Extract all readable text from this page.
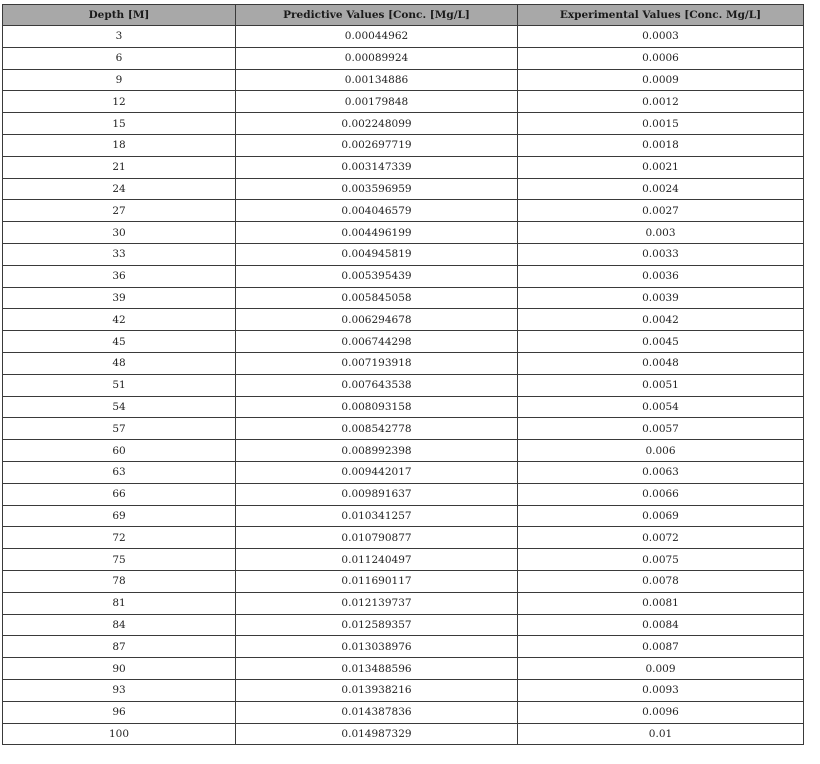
Depth [M]	Predictive Values [Conc. [Mg/L]	Experimental Values [Conc. Mg/L]
3	0.00044962	0.0003
6	0.00089924	0.0006
9	0.00134886	0.0009
12	0.00179848	0.0012
15	0.002248099	0.0015
18	0.002697719	0.0018
21	0.003147339	0.0021
24	0.003596959	0.0024
27	0.004046579	0.0027
30	0.004496199	0.003
33	0.004945819	0.0033
36	0.005395439	0.0036
39	0.005845058	0.0039
42	0.006294678	0.0042
45	0.006744298	0.0045
48	0.007193918	0.0048
51	0.007643538	0.0051
54	0.008093158	0.0054
57	0.008542778	0.0057
60	0.008992398	0.006
63	0.009442017	0.0063
66	0.009891637	0.0066
69	0.010341257	0.0069
72	0.010790877	0.0072
75	0.011240497	0.0075
78	0.011690117	0.0078
81	0.012139737	0.0081
84	0.012589357	0.0084
87	0.013038976	0.0087
90	0.013488596	0.009
93	0.013938216	0.0093
96	0.014387836	0.0096
100	0.014987329	0.01
